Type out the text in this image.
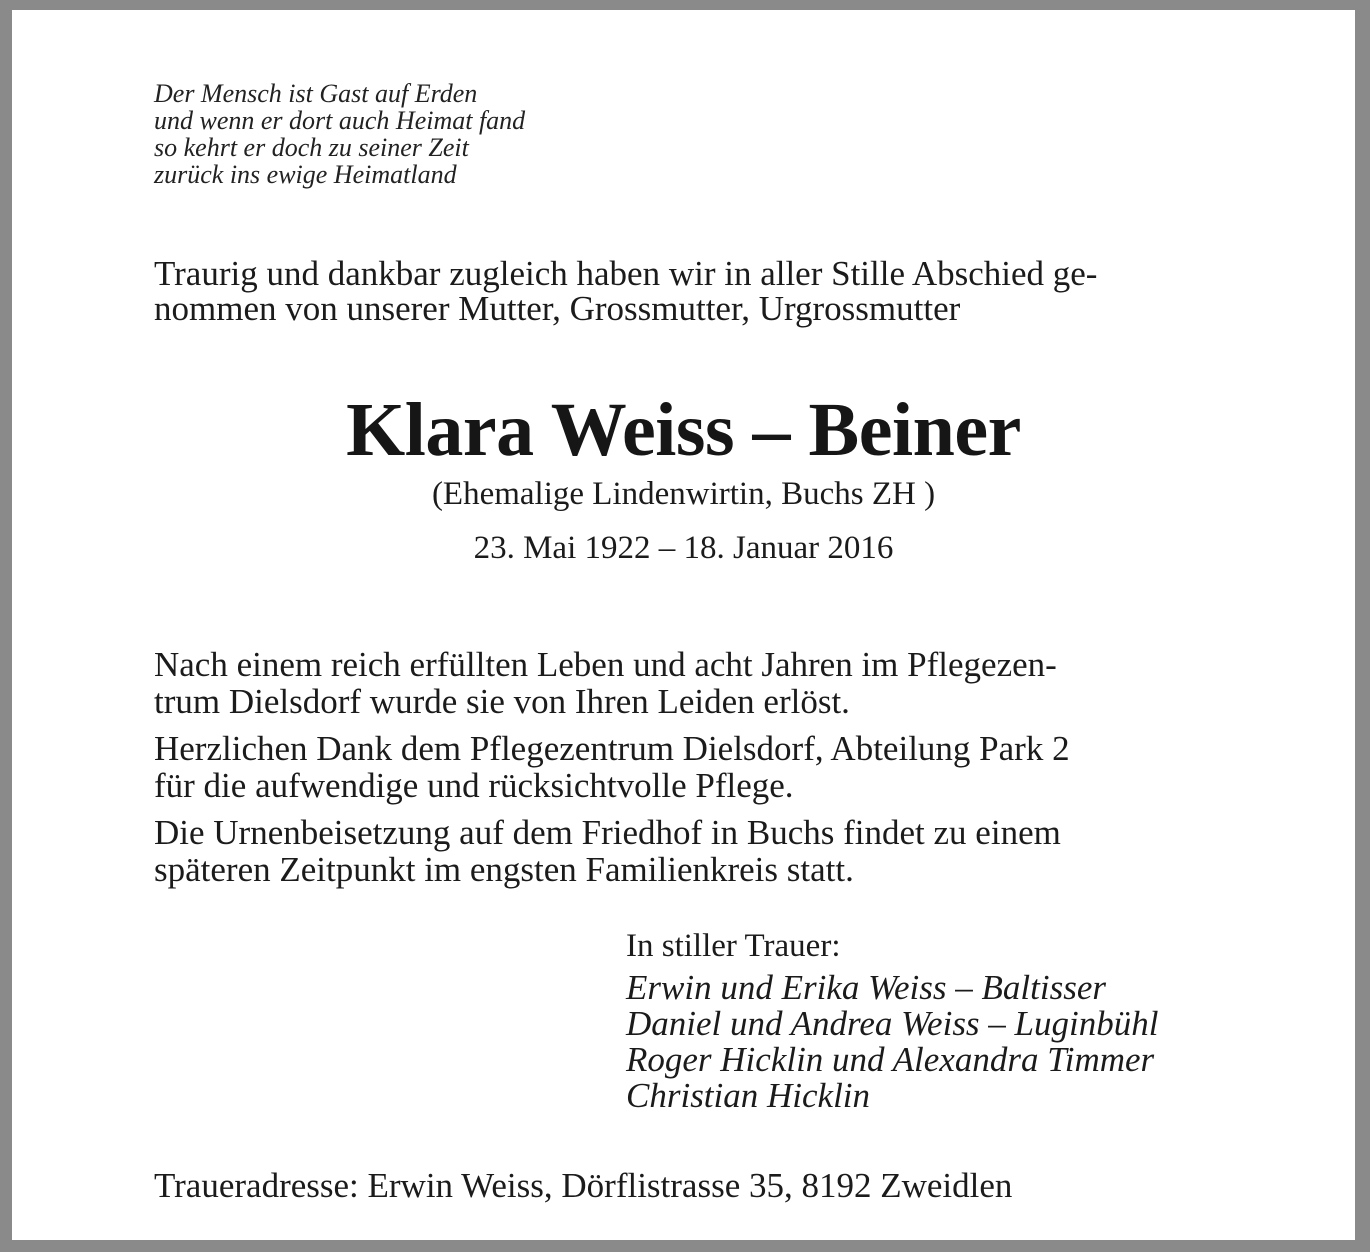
Der Mensch ist Gast auf Erden
und wenn er dort auch Heimat fand
so kehrt er doch zu seiner Zeit
zurück ins ewige Heimatland
Traurig und dankbar zugleich haben wir in aller Stille Abschied ge-
nommen von unserer Mutter, Grossmutter, Urgrossmutter
Klara Weiss – Beiner
(Ehemalige Lindenwirtin, Buchs ZH )
23. Mai 1922 – 18. Januar 2016

Nach einem reich erfüllten Leben und acht Jahren im Pflegezen-
trum Dielsdorf wurde sie von Ihren Leiden erlöst.

Herzlichen Dank dem Pflegezentrum Dielsdorf, Abteilung Park 2
für die aufwendige und rücksichtvolle Pflege.

Die Urnenbeisetzung auf dem Friedhof in Buchs findet zu einem
späteren Zeitpunkt im engsten Familienkreis statt.

In stiller Trauer:
Erwin und Erika Weiss – Baltisser
Daniel und Andrea Weiss – Luginbühl
Roger Hicklin und Alexandra Timmer
Christian Hicklin
Traueradresse: Erwin Weiss, Dörflistrasse 35, 8192 Zweidlen
